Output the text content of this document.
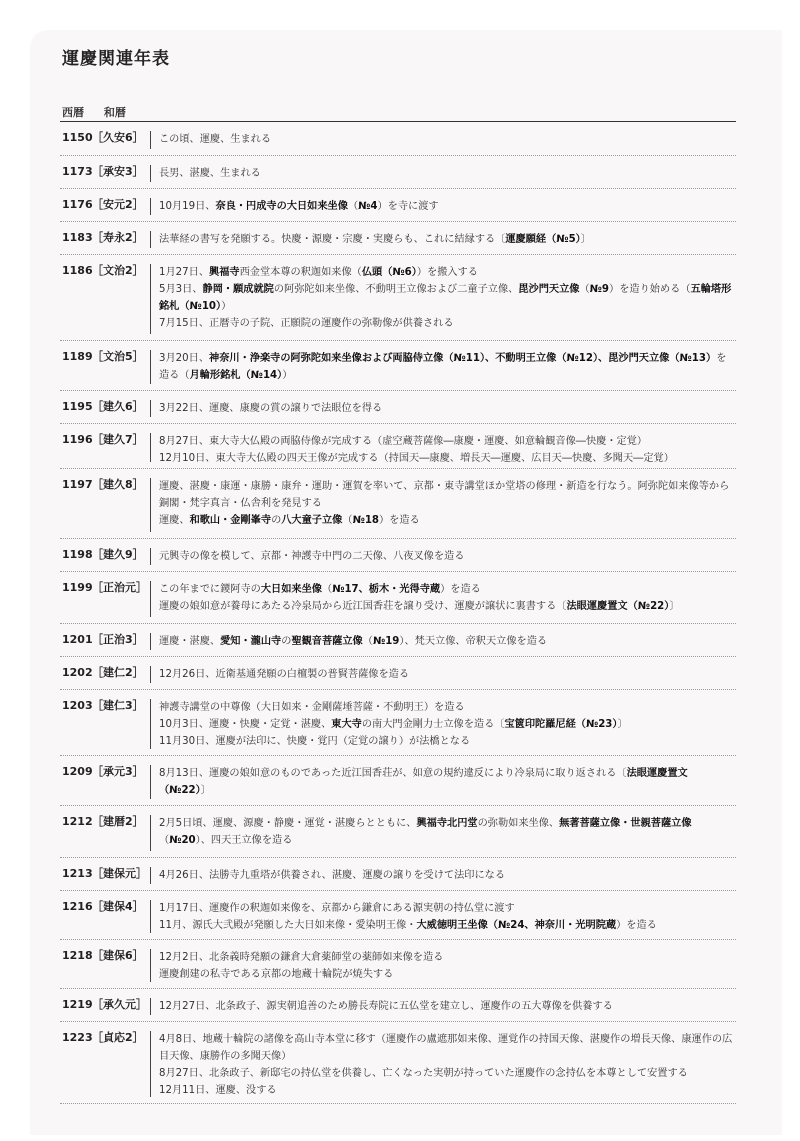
運慶関連年表
西暦 和暦
1150［久安6］	この頃、運慶、生まれる
1173［承安3］	長男、湛慶、生まれる
1176［安元2］	10月19日、奈良・円成寺の大日如来坐像（№4）を寺に渡す
1183［寿永2］	法華経の書写を発願する。快慶・源慶・宗慶・実慶らも、これに結縁する〔運慶願経（№5）〕
1186［文治2］	1月27日、興福寺西金堂本尊の釈迦如来像（仏頭（№6））を搬入する
5月3日、静岡・願成就院の阿弥陀如来坐像、不動明王立像および二童子立像、毘沙門天立像（№9）を造り始める（五輪塔形銘札（№10））
7月15日、正暦寺の子院、正願院の運慶作の弥勒像が供養される
1189［文治5］	3月20日、神奈川・浄楽寺の阿弥陀如来坐像および両脇侍立像（№11）、不動明王立像（№12）、毘沙門天立像（№13）を造る（月輪形銘札（№14））
1195［建久6］	3月22日、運慶、康慶の賞の譲りで法眼位を得る
1196［建久7］	8月27日、東大寺大仏殿の両脇侍像が完成する（虚空蔵菩薩像―康慶・運慶、如意輪観音像―快慶・定覚）
12月10日、東大寺大仏殿の四天王像が完成する（持国天―康慶、増長天―運慶、広目天―快慶、多聞天―定覚）
1197［建久8］	運慶、湛慶・康運・康勝・康弁・運助・運賀を率いて、京都・東寺講堂ほか堂塔の修理・新造を行なう。阿弥陀如来像等から銅閣・梵字真言・仏舎利を発見する
運慶、和歌山・金剛峯寺の八大童子立像（№18）を造る
1198［建久9］	元興寺の像を模して、京都・神護寺中門の二天像、八夜叉像を造る
1199［正治元］ この年までに鑁阿寺の大日如来坐像（№17、栃木・光得寺蔵）を造る
運慶の娘如意が養母にあたる冷泉局から近江国香荘を譲り受け、運慶が譲状に裏書する〔法眼運慶置文（№22）〕
1201［正治3］	運慶・湛慶、愛知・瀧山寺の聖観音菩薩立像（№19）、梵天立像、帝釈天立像を造る
1202［建仁2］	12月26日、近衛基通発願の白檀製の普賢菩薩像を造る
1203［建仁3］	神護寺講堂の中尊像（大日如来・金剛薩埵菩薩・不動明王）を造る
10月3日、運慶・快慶・定覚・湛慶、東大寺の南大門金剛力士立像を造る〔宝篋印陀羅尼経（№23）〕
11月30日、運慶が法印に、快慶・覚円（定覚の譲り）が法橋となる
1209［承元3］	8月13日、運慶の娘如意のものであった近江国香荘が、如意の規約違反により冷泉局に取り返される〔法眼運慶置文（№22）〕
1212［建暦2］	2月5日頃、運慶、源慶・静慶・運覚・湛慶らとともに、興福寺北円堂の弥勒如来坐像、無著菩薩立像・世親菩薩立像（№20）、四天王立像を造る
1213［建保元］ 4月26日、法勝寺九重塔が供養され、湛慶、運慶の譲りを受けて法印になる
1216［建保4］	1月17日、運慶作の釈迦如来像を、京都から鎌倉にある源実朝の持仏堂に渡す
11月、源氏大弐殿が発願した大日如来像・愛染明王像・大威徳明王坐像（№24、神奈川・光明院蔵）を造る
1218［建保6］	12月2日、北条義時発願の鎌倉大倉薬師堂の薬師如来像を造る
運慶創建の私寺である京都の地蔵十輪院が焼失する
1219［承久元］ 12月27日、北条政子、源実朝追善のため勝長寿院に五仏堂を建立し、運慶作の五大尊像を供養する
1223［貞応2］	4月8日、地蔵十輪院の諸像を高山寺本堂に移す（運慶作の盧遮那如来像、運覚作の持国天像、湛慶作の増長天像、康運作の広目天像、康勝作の多聞天像）
8月27日、北条政子、新邸宅の持仏堂を供養し、亡くなった実朝が持っていた運慶作の念持仏を本尊として安置する
12月11日、運慶、没する
